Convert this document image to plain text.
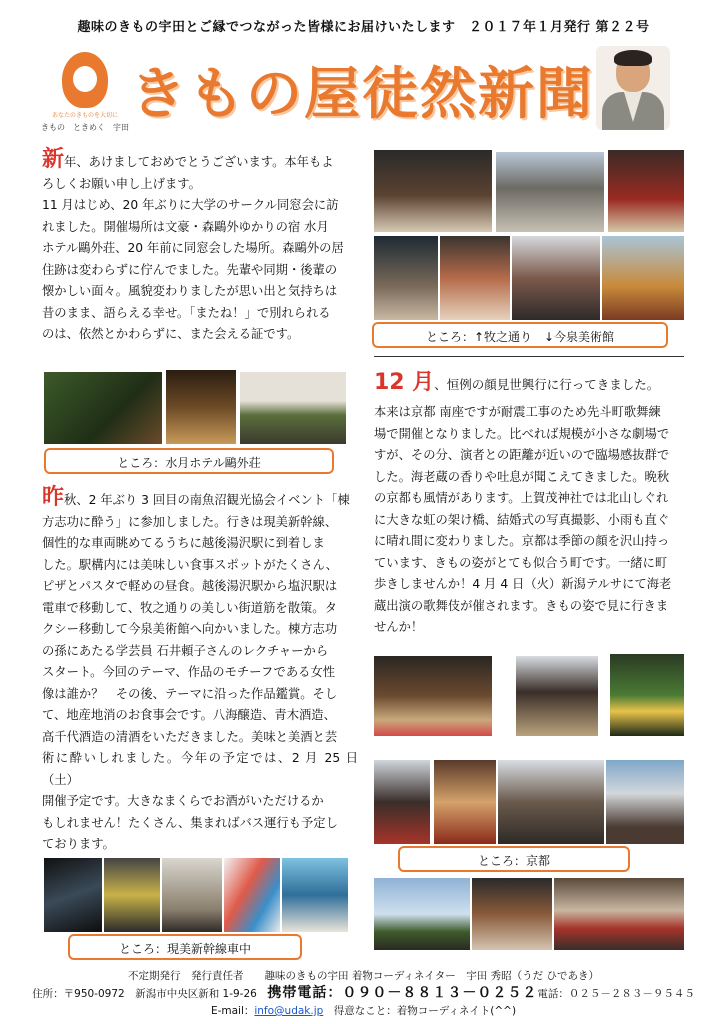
趣味のきもの宇田とご縁でつながった皆様にお届けいたします　２０１７年１月発行 第２２号
あなたのきものを大切に
きもの　ときめく　宇田
きもの屋徒然新聞

新年、あけましておめでとうございます。本年もよ
ろしくお願い申し上げます。
11 月はじめ、20 年ぶりに大学のサークル同窓会に訪
れました。開催場所は文豪・森鷗外ゆかりの宿 水月
ホテル鷗外荘、20 年前に同窓会した場所。森鷗外の居
住跡は変わらずに佇んでました。先輩や同期・後輩の
懐かしい面々。風貌変わりましたが思い出と気持ちは
昔のまま、語らえる幸せ。「またね！」で別れられる
のは、依然とかわらずに、また会える証です。

ところ：水月ホテル鷗外荘

昨秋、2 年ぶり 3 回目の南魚沼観光協会イベント「棟
方志功に酔う」に参加しました。行きは現美新幹線、
個性的な車両眺めてるうちに越後湯沢駅に到着しま
した。駅構内には美味しい食事スポットがたくさん、
ピザとパスタで軽めの昼食。越後湯沢駅から塩沢駅は
電車で移動して、牧之通りの美しい街道筋を散策。タ
クシー移動して今泉美術館へ向かいました。棟方志功
の孫にあたる学芸員 石井頼子さんのレクチャーから
スタート。今回のテーマ、作品のモチーフである女性
像は誰か？　その後、テーマに沿った作品鑑賞。そし
て、地産地消のお食事会です。八海醸造、青木酒造、
高千代酒造の清酒をいただきました。美味と美酒と芸
術に酔いしれました。今年の予定では、2 月 25 日（土）
開催予定です。大きなまくらでお酒がいただけるか
もしれません！たくさん、集まればバス運行も予定し
ております。

ところ：現美新幹線車中
ところ：↑牧之通り　↓今泉美術館
12 月、恒例の顔見世興行に行ってきました。

本来は京都 南座ですが耐震工事のため先斗町歌舞練
場で開催となりました。比べれば規模が小さな劇場で
すが、その分、演者との距離が近いので臨場感抜群で
した。海老蔵の香りや吐息が聞こえてきました。晩秋
の京都も風情があります。上賀茂神社では北山しぐれ
に大きな虹の架け橋、結婚式の写真撮影、小雨も直ぐ
に晴れ間に変わりました。京都は季節の顔を沢山持っ
ています、きもの姿がとても似合う町です。一緒に町
歩きしませんか！4 月 4 日（火）新潟テルサにて海老
蔵出演の歌舞伎が催されます。きもの姿で見に行きま
せんか！

ところ：京都
不定期発行　発行責任者　　趣味のきもの宇田 着物コーディネイター　宇田 秀昭（うだ ひであき）
住所：〒950-0972　新潟市中央区新和 1-9-26　携帯電話：０９０－８８１３－０２５２電話：０２５－２８３－９５４５
E-mail：info@udak.jp　得意なこと：着物コーディネイト(^^)
